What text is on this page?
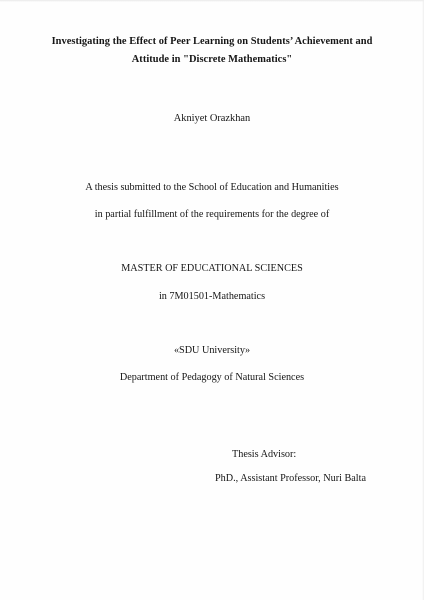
Investigating the Effect of Peer Learning on Students’ Achievement and

Attitude in "Discrete Mathematics"

Akniyet Orazkhan

A thesis submitted to the School of Education and Humanities

in partial fulfillment of the requirements for the degree of

MASTER OF EDUCATIONAL SCIENCES

in 7M01501-Mathematics

«SDU University»

Department of Pedagogy of Natural Sciences

Thesis Advisor:

PhD., Assistant Professor, Nuri Balta
